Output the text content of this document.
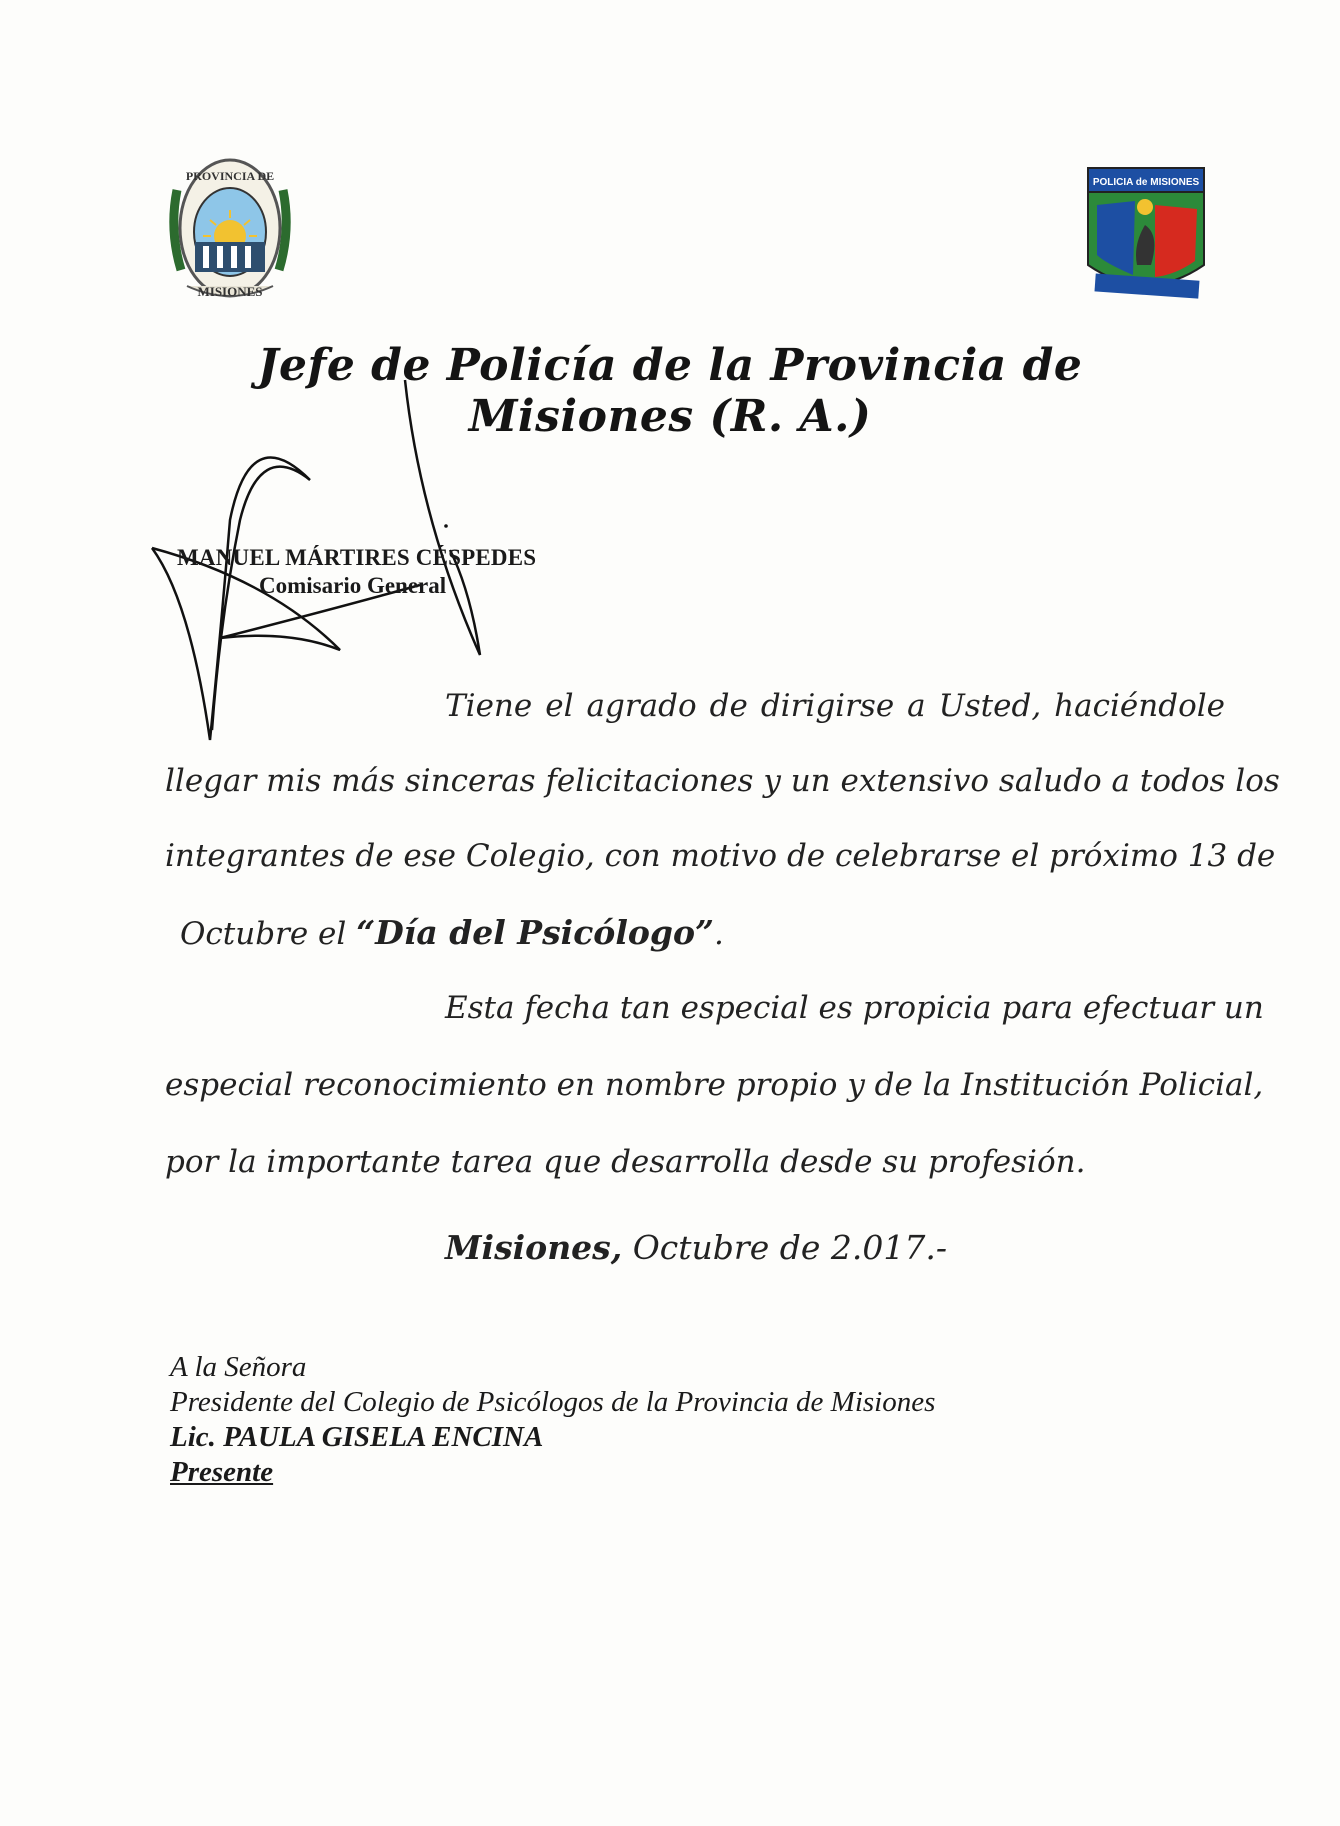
PROVINCIA DE
MISIONES
POLICIA de MISIONES
Jefe de Policía de la Provincia de Misiones (R. A.)
MANUEL MÁRTIRES CÉSPEDES
Comisario General
Tiene el agrado de dirigirse a Usted, haciéndole
llegar mis más sinceras felicitaciones y un extensivo saludo a todos los
integrantes de ese Colegio, con motivo de celebrarse el próximo 13 de
Octubre el “Día del Psicólogo”.
Esta fecha tan especial es propicia para efectuar un
especial reconocimiento en nombre propio y de la Institución Policial,
por la importante tarea que desarrolla desde su profesión.
Misiones, Octubre de 2.017.-
A la Señora
Presidente del Colegio de Psicólogos de la Provincia de Misiones
Lic. PAULA GISELA ENCINA
Presente
